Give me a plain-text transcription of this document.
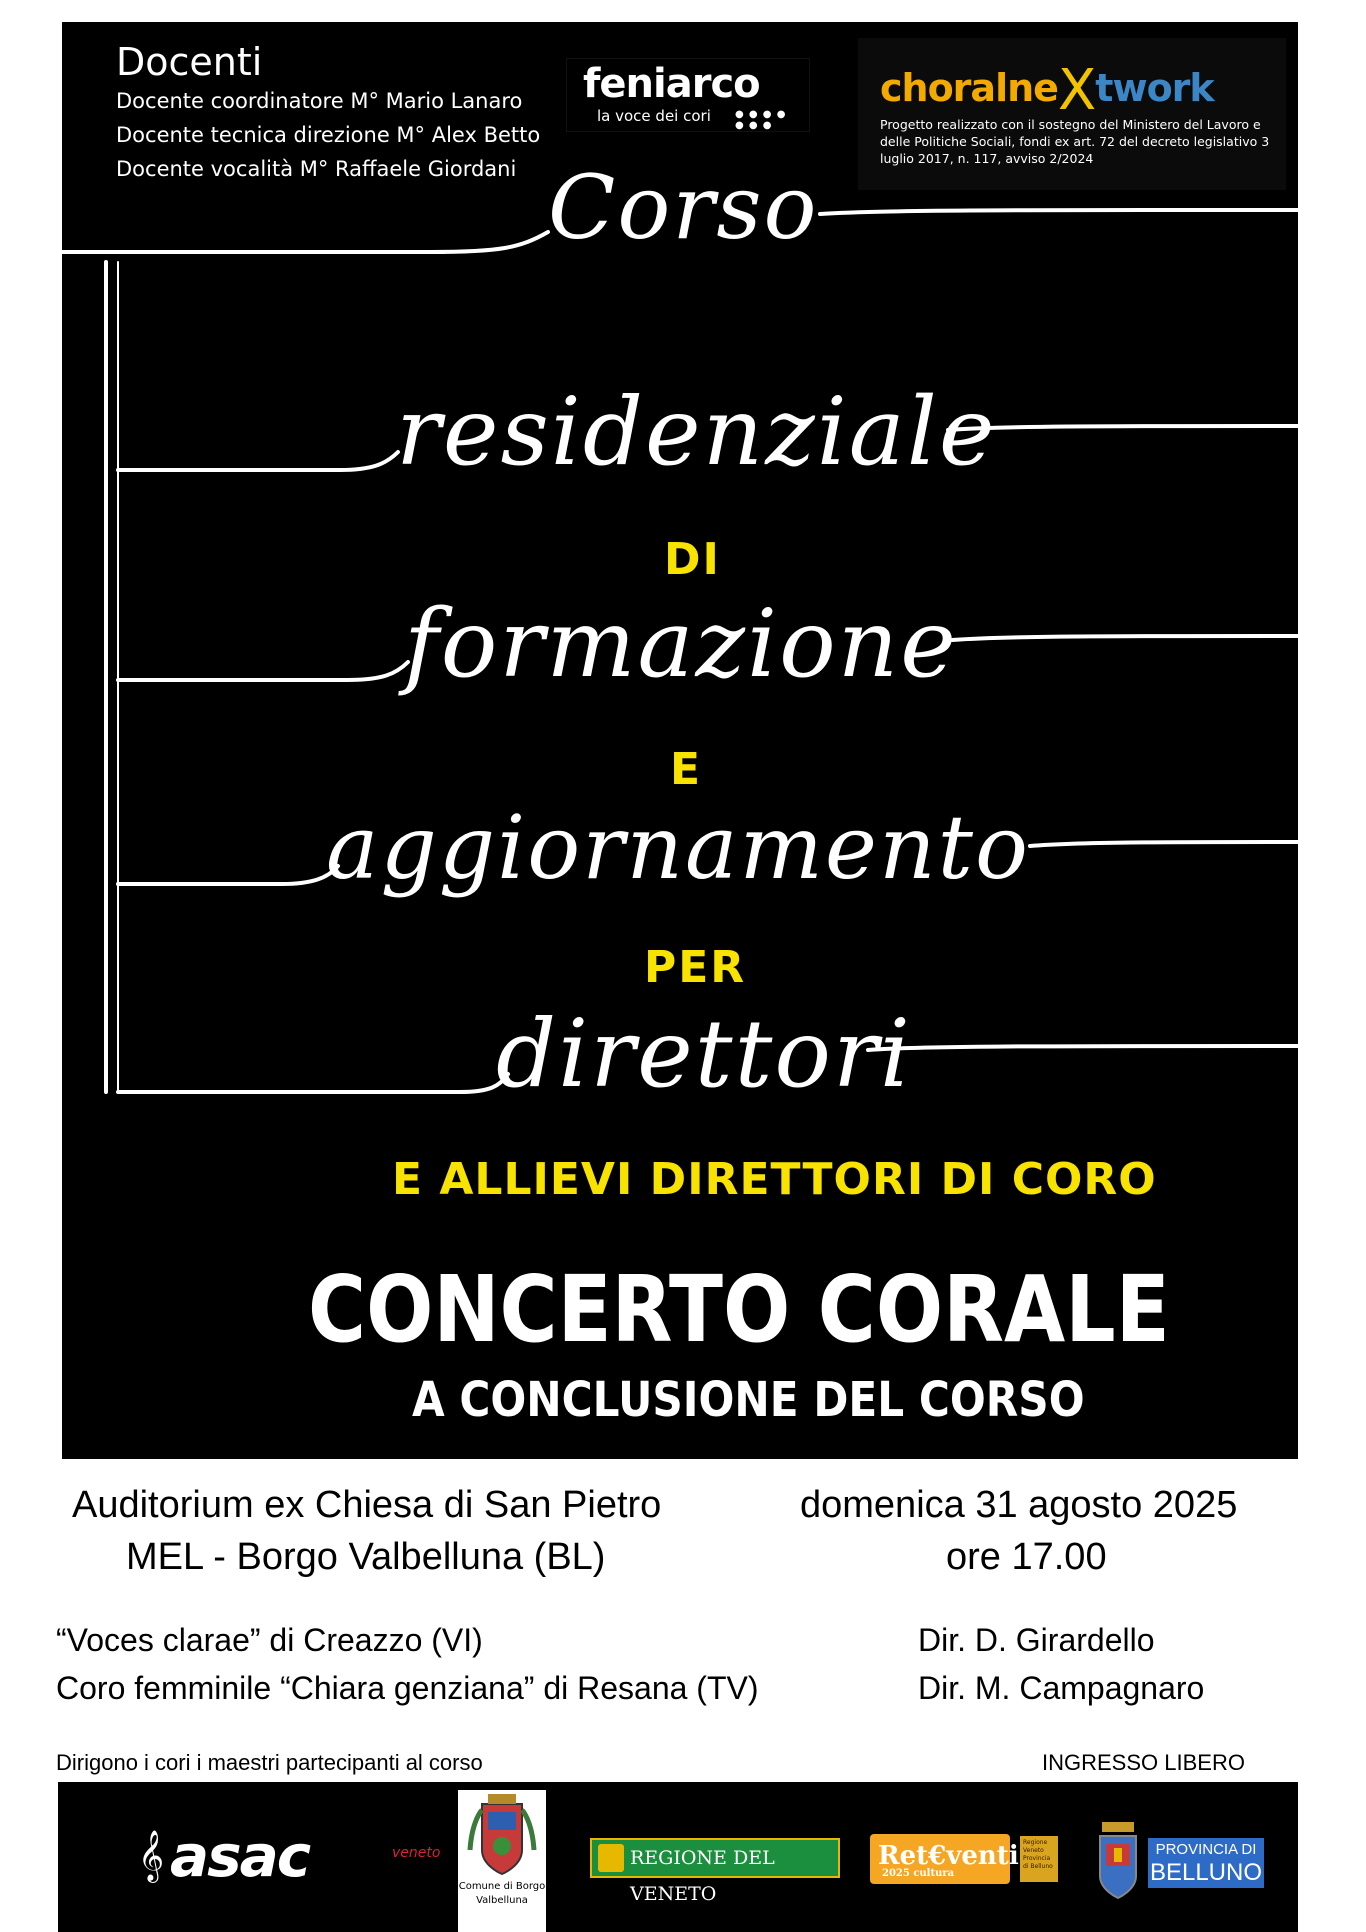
Docenti
Docente coordinatore M° Mario Lanaro
Docente tecnica direzione M° Alex Betto
Docente vocalità M° Raffaele Giordani
feniarco
la voce dei cori ● ● ● ●
● ● ●
choralneXtwork
Progetto realizzato con il sostegno del Ministero del Lavoro e delle Politiche Sociali, fondi ex art. 72 del decreto legislativo 3 luglio 2017, n. 117, avviso 2/2024
Corso
residenziale
DI
formazione
E
aggiornamento
PER
direttori
E ALLIEVI DIRETTORI DI CORO
CONCERTO CORALE
A CONCLUSIONE DEL CORSO
Auditorium ex Chiesa di San Pietro
MEL - Borgo Valbelluna (BL)
domenica 31 agosto 2025
ore 17.00
“Voces clarae” di Creazzo (VI)	Dir. D. Girardello
Coro femminile “Chiara genziana” di Resana (TV)	Dir. M. Campagnaro
Dirigono i cori i maestri partecipanti al corso	INGRESSO LIBERO
𝄞 asac	veneto
Comune di Borgo Valbelluna
REGIONE DEL VENETO
Ret€venti
2025 cultura
Regione Veneto Provincia di Belluno
PROVINCIA DI
BELLUNO
